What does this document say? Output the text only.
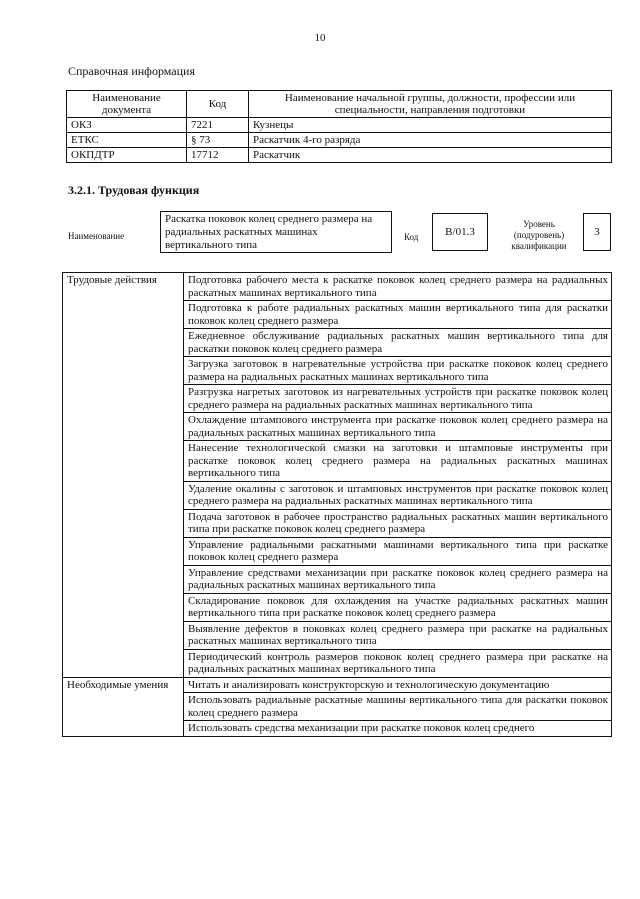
10
Справочная информация
Наименование документа	Код	Наименование начальной группы, должности, профессии или специальности, направления подготовки
ОКЗ	7221	Кузнецы
ЕТКС	§ 73	Раскатчик 4-го разряда
ОКПДТР	17712	Раскатчик
3.2.1. Трудовая функция
Наименование
Раскатка поковок колец среднего размера на радиальных раскатных машинах вертикального типа
Код	B/01.3
Уровень (подуровень) квалификации
3
Трудовые действия	Подготовка рабочего места к раскатке поковок колец среднего размера на радиальных раскатных машинах вертикального типа
	Подготовка к работе радиальных раскатных машин вертикального типа для раскатки поковок колец среднего размера
	Ежедневное обслуживание радиальных раскатных машин вертикального типа для раскатки поковок колец среднего размера
	Загрузка заготовок в нагревательные устройства при раскатке поковок колец среднего размера на радиальных раскатных машинах вертикального типа
	Разгрузка нагретых заготовок из нагревательных устройств при раскатке поковок колец среднего размера на радиальных раскатных машинах вертикального типа
	Охлаждение штампового инструмента при раскатке поковок колец среднего размера на радиальных раскатных машинах вертикального типа
	Нанесение технологической смазки на заготовки и штамповые инструменты при раскатке поковок колец среднего размера на радиальных раскатных машинах вертикального типа
	Удаление окалины с заготовок и штамповых инструментов при раскатке поковок колец среднего размера на радиальных раскатных машинах вертикального типа
	Подача заготовок в рабочее пространство радиальных раскатных машин вертикального типа при раскатке поковок колец среднего размера
	Управление радиальными раскатными машинами вертикального типа при раскатке поковок колец среднего размера
	Управление средствами механизации при раскатке поковок колец среднего размера на радиальных раскатных машинах вертикального типа
	Складирование поковок для охлаждения на участке радиальных раскатных машин вертикального типа при раскатке поковок колец среднего размера
	Выявление дефектов в поковках колец среднего размера при раскатке на радиальных раскатных машинах вертикального типа
	Периодический контроль размеров поковок колец среднего размера при раскатке на радиальных раскатных машинах вертикального типа
Необходимые умения	Читать и анализировать конструкторскую и технологическую документацию
	Использовать радиальные раскатные машины вертикального типа для раскатки поковок колец среднего размера
	Использовать средства механизации при раскатке поковок колец среднего
